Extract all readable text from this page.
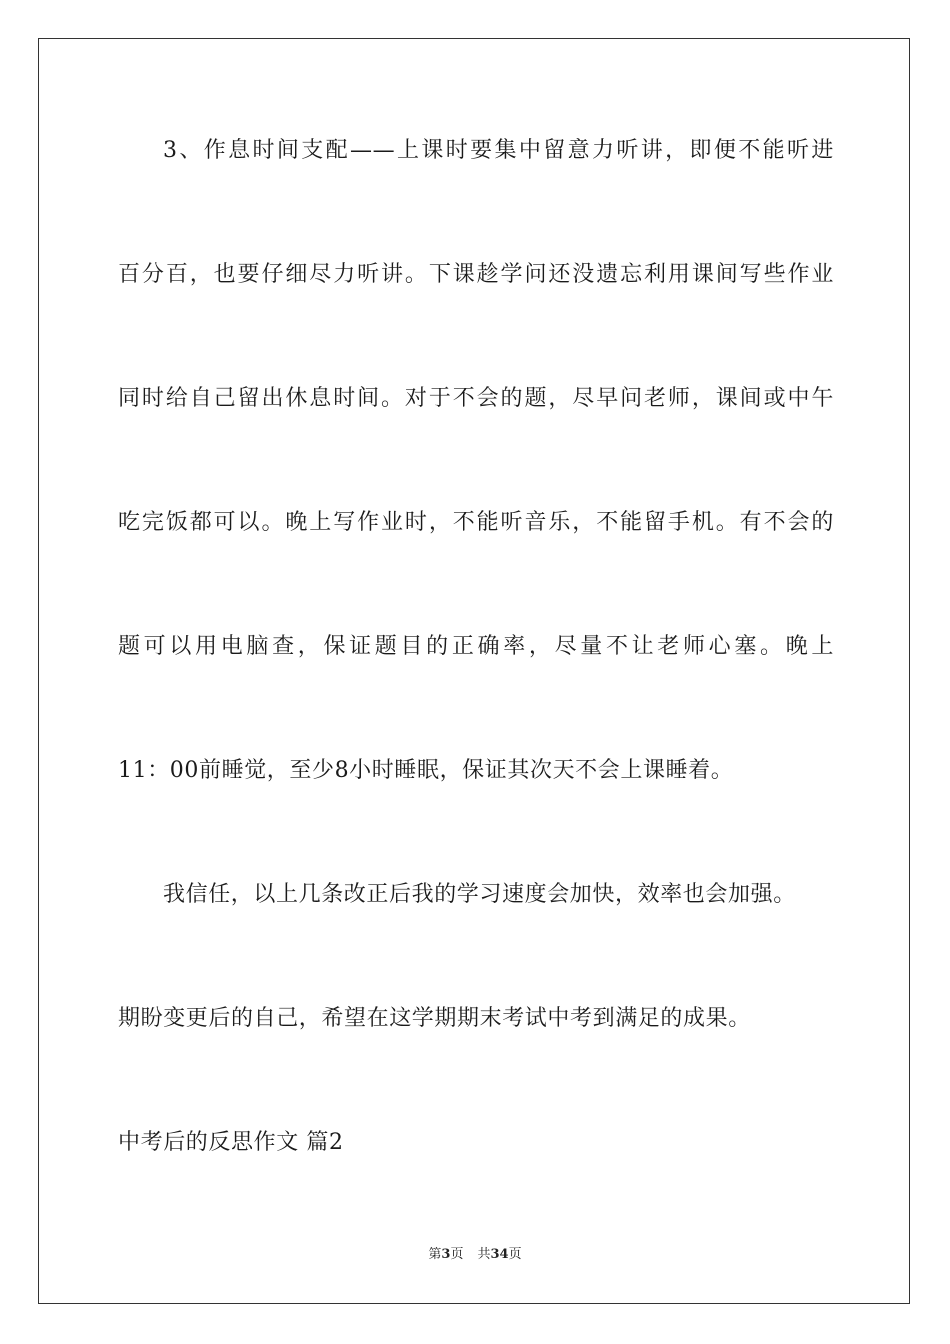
3、作息时间支配——上课时要集中留意力听讲，即便不能听进
百分百，也要仔细尽力听讲。下课趁学问还没遗忘利用课间写些作业
同时给自己留出休息时间。对于不会的题，尽早问老师，课间或中午
吃完饭都可以。晚上写作业时，不能听音乐，不能留手机。有不会的
题可以用电脑查，保证题目的正确率，尽量不让老师心塞。晚上
11：00前睡觉，至少8小时睡眠，保证其次天不会上课睡着。
我信任，以上几条改正后我的学习速度会加快，效率也会加强。
期盼变更后的自己，希望在这学期期末考试中考到满足的成果。
中考后的反思作文 篇2
第3页 共34页
